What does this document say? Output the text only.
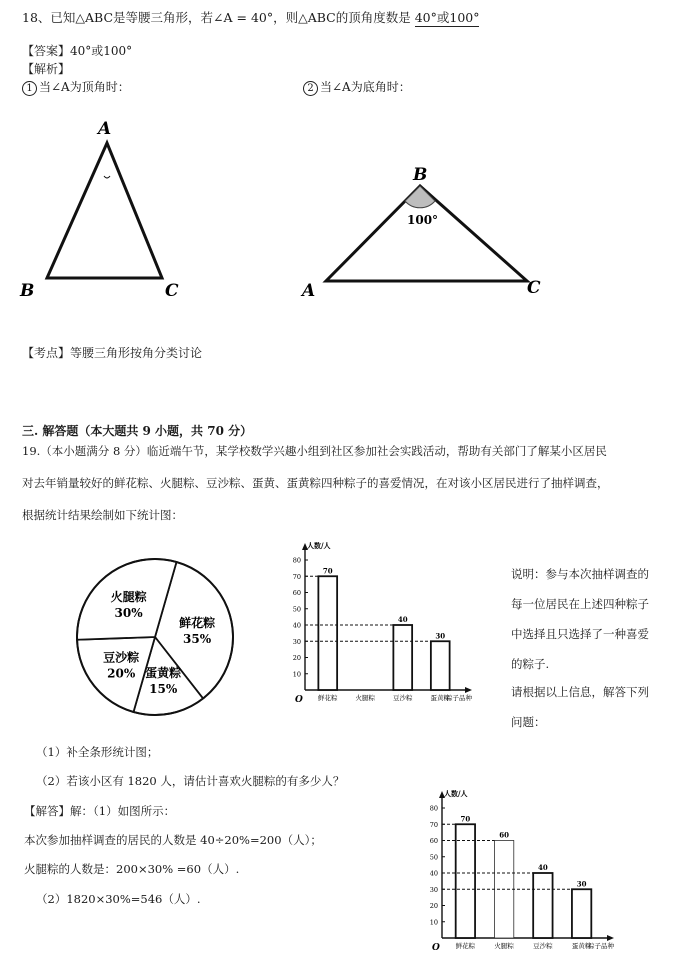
18、已知△ABC是等腰三角形，若∠A = 40°，则△ABC的顶角度数是 40°或100°
【答案】40°或100°
【解析】
1 当∠A为顶角时：	2 当∠A为底角时：
A
B	C
B
A	C
100°
【考点】等腰三角形按角分类讨论
三. 解答题（本大题共 9 小题，共 70 分）
19.（本小题满分 8 分）临近端午节，某学校数学兴趣小组到社区参加社会实践活动，帮助有关部门了解某小区居民
对去年销量较好的鲜花粽、火腿粽、豆沙粽、蛋黄、蛋黄粽四种粽子的喜爱情况，在对该小区居民进行了抽样调查，
根据统计结果绘制如下统计图：
鲜花粽
35%
蛋黄粽
15%
豆沙粽
20%
火腿粽
30%
人数/人
粽子品种
O
10
20
30
40
50
60
70
80
鲜花粽
70
火腿粽	豆沙粽
40
蛋黄粽
30
说明：参与本次抽样调查的
每一位居民在上述四种粽子
中选择且只选择了一种喜爱
的粽子.
请根据以上信息，解答下列
问题：
（1）补全条形统计图；
（2）若该小区有 1820 人，请估计喜欢火腿粽的有多少人？
【解答】解：（1）如图所示：
本次参加抽样调查的居民的人数是 40÷20%=200（人）；
火腿粽的人数是：200×30% =60（人）.
（2）1820×30%=546（人）.
人数/人
粽子品种
O
10
20
30
40
50
60
70
80
鲜花粽
70
火腿粽
60
豆沙粽
40
蛋黄粽
30
